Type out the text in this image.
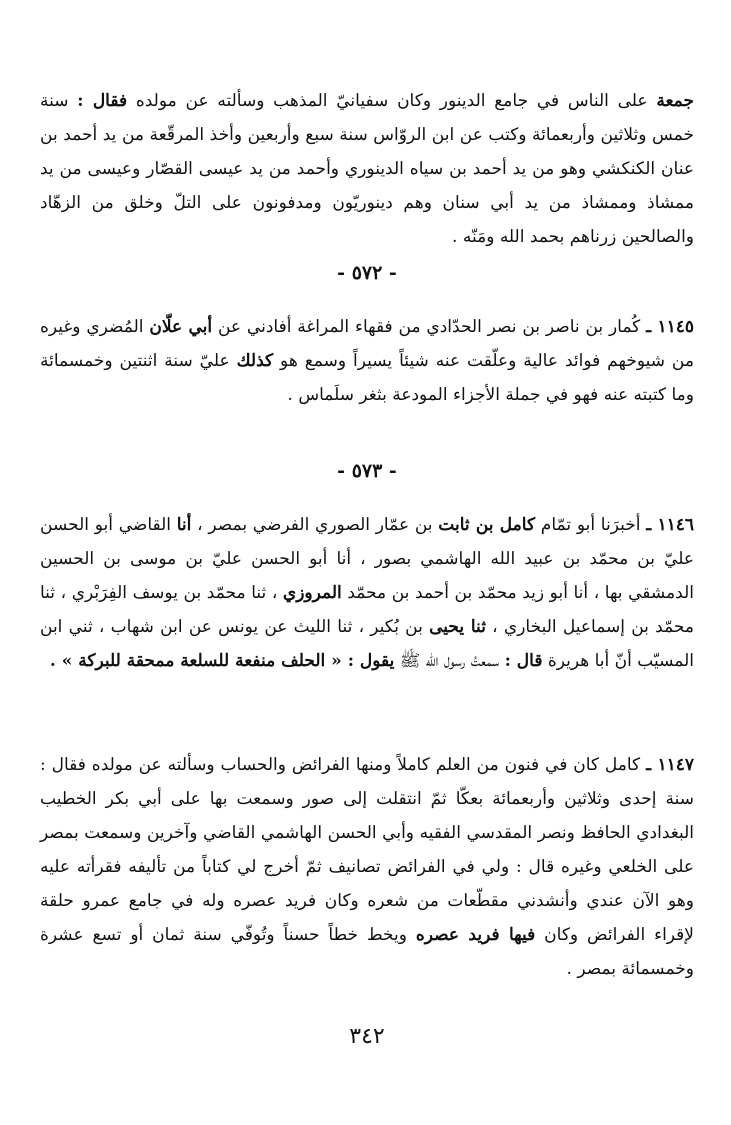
جمعة على الناس في جامع الدينور وكان سفيانيّ المذهب وسألته عن مولده فقال : سنة خمس وثلاثين وأربعمائة وكتب عن ابن الروّاس سنة سبع وأربعين وأخذ المرقّعة من يد أحمد بن عنان الكنكشي وهو من يد أحمد بن سياه الدينوري وأحمد من يد عيسى القصّار وعيسى من يد ممشاذ وممشاذ من يد أبي سنان وهم دينوريّون ومدفونون على التلّ وخلق من الزهّاد والصالحين زرناهم بحمد الله ومَنّه .
- ٥٧٢ -
١١٤٥ ـ كُمار بن ناصر بن نصر الحدّادي من فقهاء المراغة أفادني عن أبي علّان المُضري وغيره من شيوخهم فوائد عالية وعلّقت عنه شيئاً يسيراً وسمع هو كذلك عليّ سنة اثنتين وخمسمائة وما كتبته عنه فهو في جملة الأجزاء المودعة بثغر سلَماس .
- ٥٧٣ -
١١٤٦ ـ أخبرَنا أبو تمّام كامل بن ثابت بن عمّار الصوري الفرضي بمصر ، أنا القاضي أبو الحسن عليّ بن محمّد بن عبيد الله الهاشمي بصور ، أنا أبو الحسن عليّ بن موسى بن الحسين الدمشقي بها ، أنا أبو زيد محمّد بن أحمد بن محمّد المروزي ، ثنا محمّد بن يوسف الفِرَبْري ، ثنا محمّد بن إسماعيل البخاري ، ثنا يحيى بن بُكير ، ثنا الليث عن يونس عن ابن شهاب ، ثني ابن المسيّب أنّ أبا هريرة قال : سمعتُ رسول الله ﷺ يقول : « الحلف منفعة للسلعة ممحقة للبركة » .
١١٤٧ ـ كامل كان في فنون من العلم كاملاً ومنها الفرائض والحساب وسألته عن مولده فقال : سنة إحدى وثلاثين وأربعمائة بعكّا ثمّ انتقلت إلى صور وسمعت بها على أبي بكر الخطيب البغدادي الحافظ ونصر المقدسي الفقيه وأبي الحسن الهاشمي القاضي وآخرين وسمعت بمصر على الخلعي وغيره قال : ولي في الفرائض تصانيف ثمّ أخرج لي كتاباً من تأليفه فقرأته عليه وهو الآن عندي وأنشدني مقطّعات من شعره وكان فريد عصره وله في جامع عمرو حلقة لإقراء الفرائض وكان فيها فريد عصره ويخط خطاً حسناً وتُوفّي سنة ثمان أو تسع عشرة وخمسمائة بمصر .
٣٤٢
